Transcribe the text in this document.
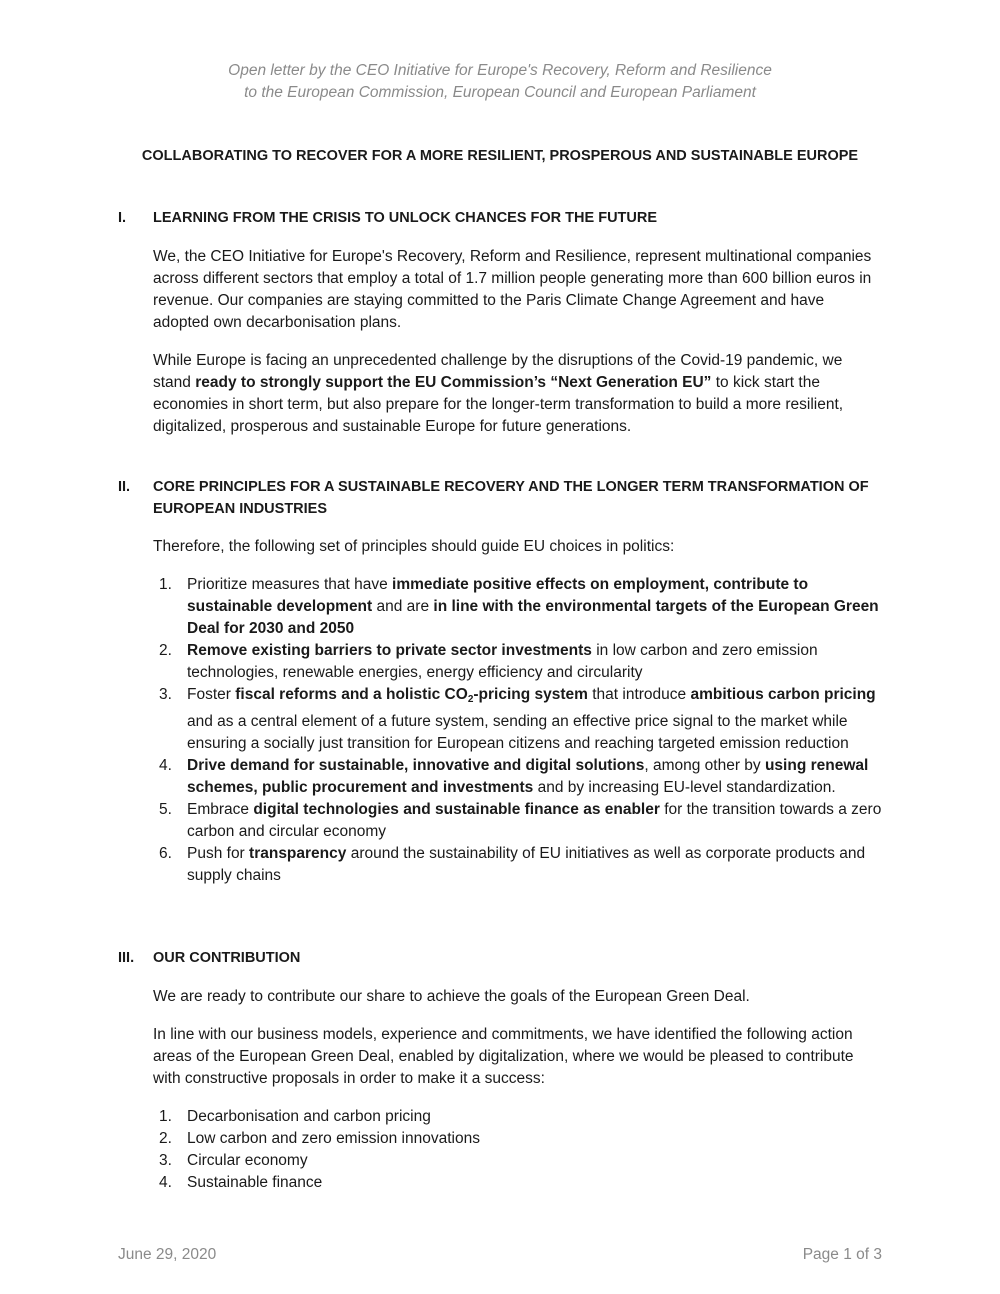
Open letter by the CEO Initiative for Europe's Recovery, Reform and Resilience
to the European Commission, European Council and European Parliament
COLLABORATING TO RECOVER FOR A MORE RESILIENT, PROSPEROUS AND SUSTAINABLE EUROPE
I. LEARNING FROM THE CRISIS TO UNLOCK CHANCES FOR THE FUTURE

We, the CEO Initiative for Europe's Recovery, Reform and Resilience, represent multinational companies across different sectors that employ a total of 1.7 million people generating more than 600 billion euros in revenue. Our companies are staying committed to the Paris Climate Change Agreement and have adopted own decarbonisation plans.

While Europe is facing an unprecedented challenge by the disruptions of the Covid-19 pandemic, we stand ready to strongly support the EU Commission’s “Next Generation EU” to kick start the economies in short term, but also prepare for the longer-term transformation to build a more resilient, digitalized, prosperous and sustainable Europe for future generations.

II. CORE PRINCIPLES FOR A SUSTAINABLE RECOVERY AND THE LONGER TERM TRANSFORMATION OF EUROPEAN INDUSTRIES

Therefore, the following set of principles should guide EU choices in politics:

1. Prioritize measures that have immediate positive effects on employment, contribute to sustainable development and are in line with the environmental targets of the European Green Deal for 2030 and 2050
2. Remove existing barriers to private sector investments in low carbon and zero emission technologies, renewable energies, energy efficiency and circularity
3. Foster fiscal reforms and a holistic $CO_2$-pricing system that introduce ambitious carbon pricing and as a central element of a future system, sending an effective price signal to the market while ensuring a socially just transition for European citizens and reaching targeted emission reduction
4. Drive demand for sustainable, innovative and digital solutions, among other by using renewal schemes, public procurement and investments and by increasing EU-level standardization.
5. Embrace digital technologies and sustainable finance as enabler for the transition towards a zero carbon and circular economy
6. Push for transparency around the sustainability of EU initiatives as well as corporate products and supply chains
III. OUR CONTRIBUTION

We are ready to contribute our share to achieve the goals of the European Green Deal.

In line with our business models, experience and commitments, we have identified the following action areas of the European Green Deal, enabled by digitalization, where we would be pleased to contribute with constructive proposals in order to make it a success:

1. Decarbonisation and carbon pricing
2. Low carbon and zero emission innovations
3. Circular economy
4. Sustainable finance
June 29, 2020	Page 1 of 3
